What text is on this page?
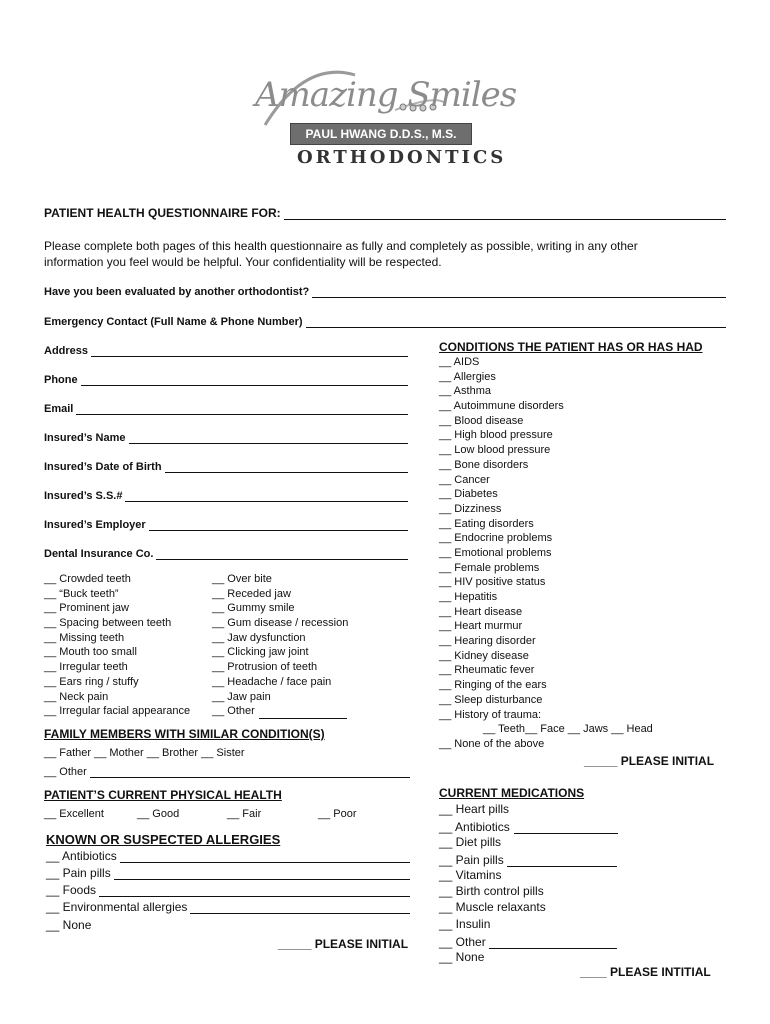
Amazing Smiles
PAUL HWANG D.D.S., M.S.
ORTHODONTICS
PATIENT HEALTH QUESTIONNAIRE FOR:
Please complete both pages of this health questionnaire as fully and completely as possible, writing in any other
information you feel would be helpful. Your confidentiality will be respected.
Have you been evaluated by another orthodontist?
Emergency Contact (Full Name & Phone Number)
Address
Phone
Email
Insured’s Name
Insured’s Date of Birth
Insured’s S.S.#
Insured’s Employer
Dental Insurance Co.
__ Crowded teeth
__ “Buck teeth”
__ Prominent jaw
__ Spacing between teeth
__ Missing teeth
__ Mouth too small
__ Irregular teeth
__ Ears ring / stuffy
__ Neck pain
__ Irregular facial appearance
__ Over bite
__ Receded jaw
__ Gummy smile
__ Gum disease / recession
__ Jaw dysfunction
__ Clicking jaw joint
__ Protrusion of teeth
__ Headache / face pain
__ Jaw pain
__ Other
FAMILY MEMBERS WITH SIMILAR CONDITION(S)
__ Father __ Mother __ Brother __ Sister
__ Other
PATIENT’S CURRENT PHYSICAL HEALTH
__ Excellent	__ Good	__ Fair	__ Poor
KNOWN OR SUSPECTED ALLERGIES
__ Antibiotics
__ Pain pills
__ Foods
__ Environmental allergies
__ None
_____ PLEASE INITIAL
CONDITIONS THE PATIENT HAS OR HAS HAD
__ AIDS
__ Allergies
__ Asthma
__ Autoimmune disorders
__ Blood disease
__ High blood pressure
__ Low blood pressure
__ Bone disorders
__ Cancer
__ Diabetes
__ Dizziness
__ Eating disorders
__ Endocrine problems
__ Emotional problems
__ Female problems
__ HIV positive status
__ Hepatitis
__ Heart disease
__ Heart murmur
__ Hearing disorder
__ Kidney disease
__ Rheumatic fever
__ Ringing of the ears
__ Sleep disturbance
__ History of trauma:
__ Teeth__ Face __ Jaws __ Head
__ None of the above
_____ PLEASE INITIAL
CURRENT MEDICATIONS
__ Heart pills
__ Antibiotics
__ Diet pills
__ Pain pills
__ Vitamins
__ Birth control pills
__ Muscle relaxants
__ Insulin
__ Other
__ None
____ PLEASE INTITIAL
